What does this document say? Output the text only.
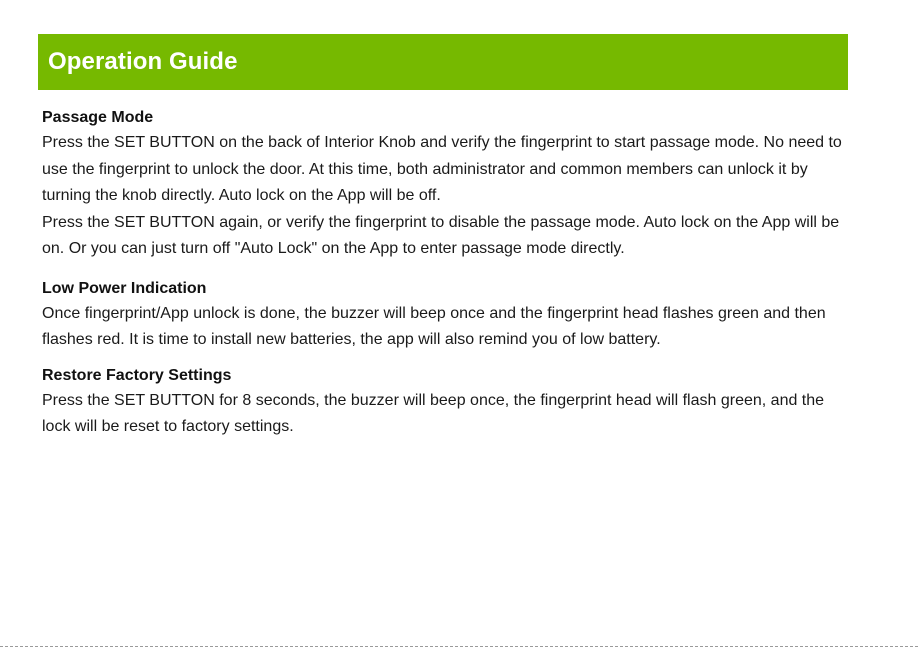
Operation Guide
Passage Mode
Press the SET BUTTON on the back of Interior Knob and verify the fingerprint to start passage mode. No need to use the fingerprint to unlock the door. At this time, both administrator and common members can unlock it by turning the knob directly. Auto lock on the App will be off.
Press the SET BUTTON again, or verify the fingerprint to disable the passage mode. Auto lock on the App will be on. Or you can just turn off "Auto Lock" on the App to enter passage mode directly.
Low Power Indication
Once fingerprint/App unlock is done, the buzzer will beep once and the fingerprint head flashes green and then flashes red. It is time to install new batteries, the app will also remind you of low battery.
Restore Factory Settings
Press the SET BUTTON for 8 seconds, the buzzer will beep once, the fingerprint head will flash green, and the lock will be reset to factory settings.
